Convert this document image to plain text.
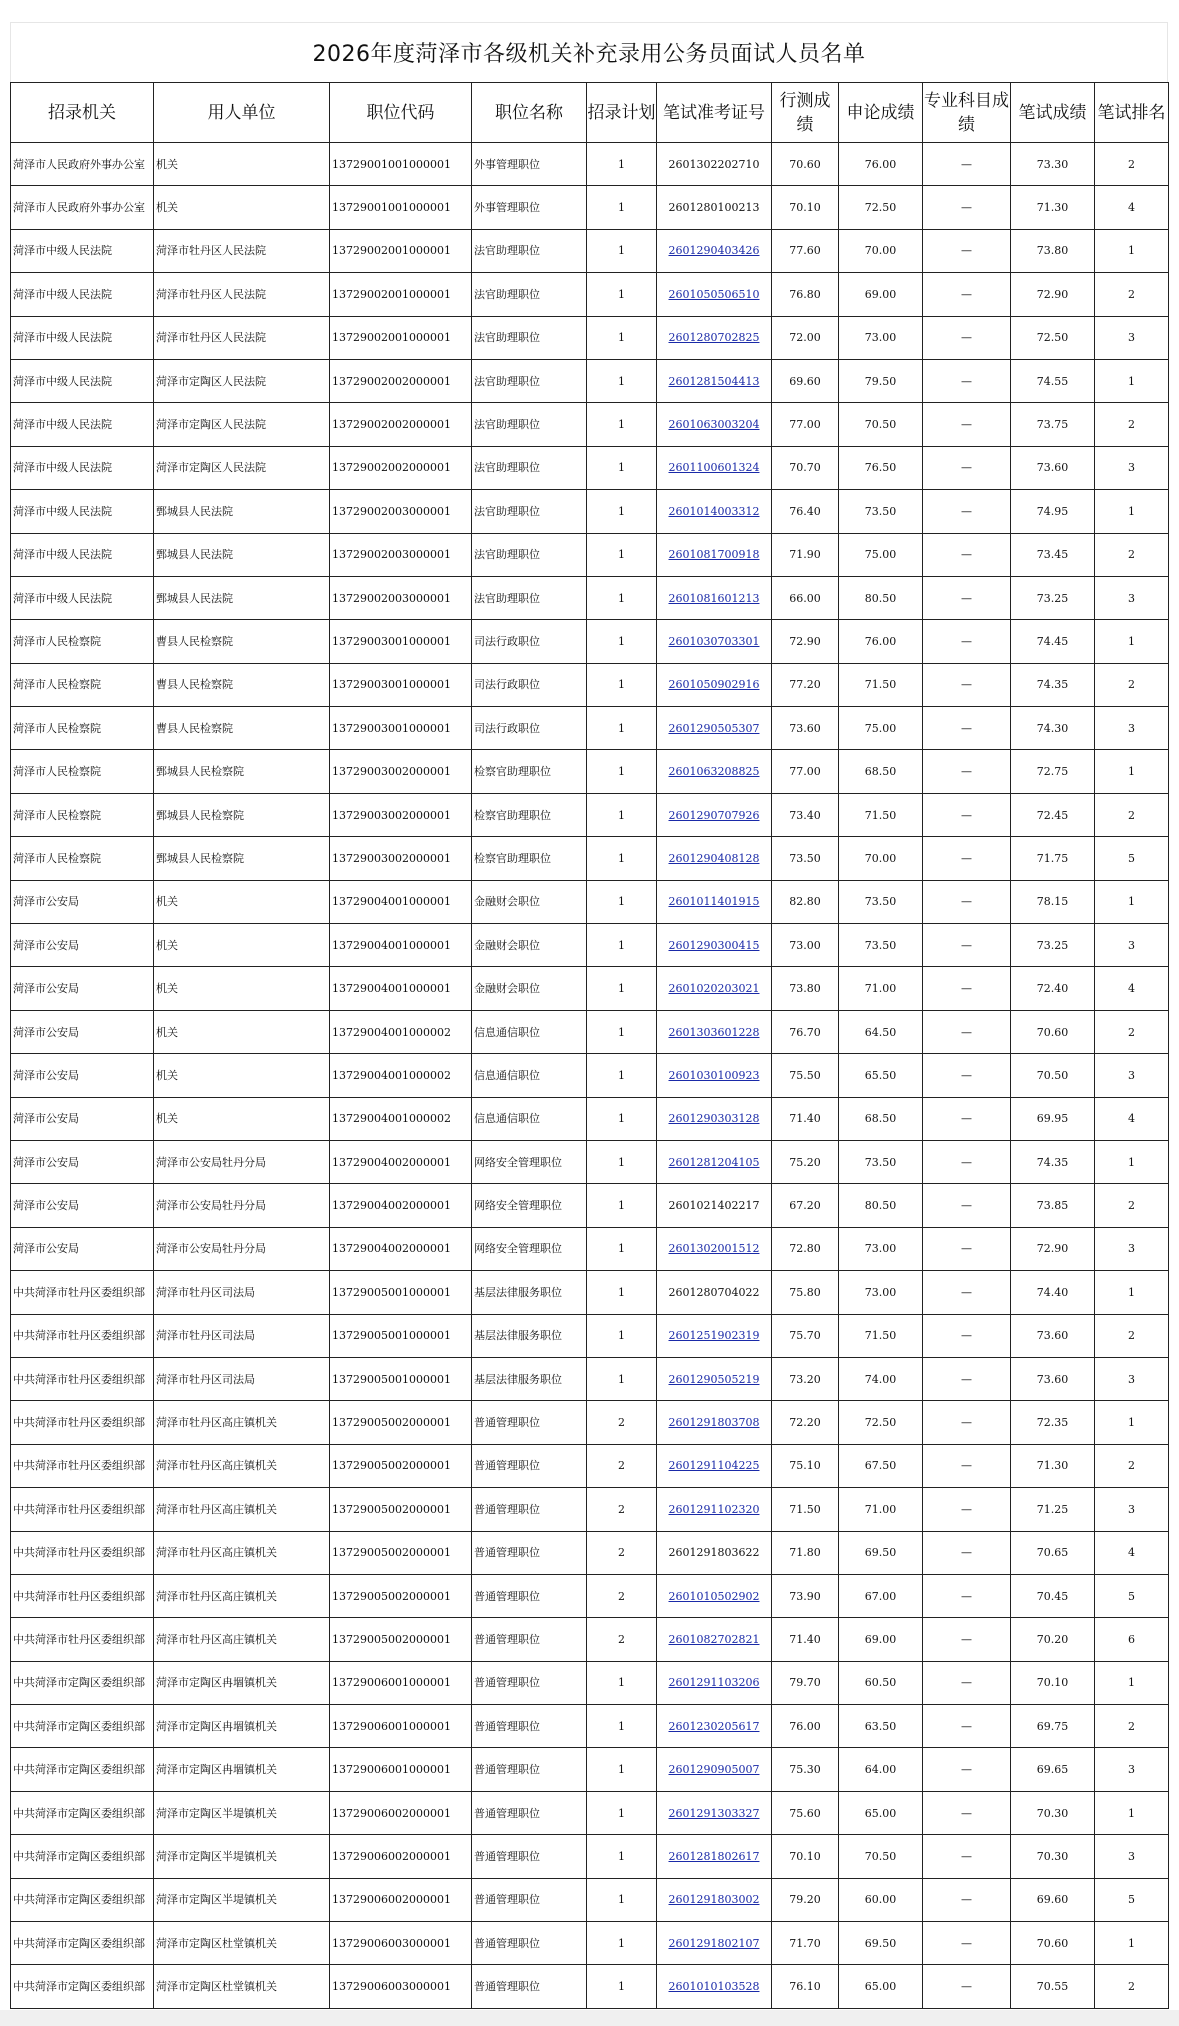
2026年度菏泽市各级机关补充录用公务员面试人员名单
招录机关	用人单位	职位代码	职位名称	招录计划	笔试准考证号	行测成绩	申论成绩	专业科目成绩	笔试成绩	笔试排名
菏泽市人民政府外事办公室	机关	13729001001000001	外事管理职位	1	2601302202710	70.60	76.00	—	73.30	2
菏泽市人民政府外事办公室	机关	13729001001000001	外事管理职位	1	2601280100213	70.10	72.50	—	71.30	4
菏泽市中级人民法院	菏泽市牡丹区人民法院	13729002001000001	法官助理职位	1	2601290403426	77.60	70.00	—	73.80	1
菏泽市中级人民法院	菏泽市牡丹区人民法院	13729002001000001	法官助理职位	1	2601050506510	76.80	69.00	—	72.90	2
菏泽市中级人民法院	菏泽市牡丹区人民法院	13729002001000001	法官助理职位	1	2601280702825	72.00	73.00	—	72.50	3
菏泽市中级人民法院	菏泽市定陶区人民法院	13729002002000001	法官助理职位	1	2601281504413	69.60	79.50	—	74.55	1
菏泽市中级人民法院	菏泽市定陶区人民法院	13729002002000001	法官助理职位	1	2601063003204	77.00	70.50	—	73.75	2
菏泽市中级人民法院	菏泽市定陶区人民法院	13729002002000001	法官助理职位	1	2601100601324	70.70	76.50	—	73.60	3
菏泽市中级人民法院	鄄城县人民法院	13729002003000001	法官助理职位	1	2601014003312	76.40	73.50	—	74.95	1
菏泽市中级人民法院	鄄城县人民法院	13729002003000001	法官助理职位	1	2601081700918	71.90	75.00	—	73.45	2
菏泽市中级人民法院	鄄城县人民法院	13729002003000001	法官助理职位	1	2601081601213	66.00	80.50	—	73.25	3
菏泽市人民检察院	曹县人民检察院	13729003001000001	司法行政职位	1	2601030703301	72.90	76.00	—	74.45	1
菏泽市人民检察院	曹县人民检察院	13729003001000001	司法行政职位	1	2601050902916	77.20	71.50	—	74.35	2
菏泽市人民检察院	曹县人民检察院	13729003001000001	司法行政职位	1	2601290505307	73.60	75.00	—	74.30	3
菏泽市人民检察院	鄄城县人民检察院	13729003002000001	检察官助理职位	1	2601063208825	77.00	68.50	—	72.75	1
菏泽市人民检察院	鄄城县人民检察院	13729003002000001	检察官助理职位	1	2601290707926	73.40	71.50	—	72.45	2
菏泽市人民检察院	鄄城县人民检察院	13729003002000001	检察官助理职位	1	2601290408128	73.50	70.00	—	71.75	5
菏泽市公安局	机关	13729004001000001	金融财会职位	1	2601011401915	82.80	73.50	—	78.15	1
菏泽市公安局	机关	13729004001000001	金融财会职位	1	2601290300415	73.00	73.50	—	73.25	3
菏泽市公安局	机关	13729004001000001	金融财会职位	1	2601020203021	73.80	71.00	—	72.40	4
菏泽市公安局	机关	13729004001000002	信息通信职位	1	2601303601228	76.70	64.50	—	70.60	2
菏泽市公安局	机关	13729004001000002	信息通信职位	1	2601030100923	75.50	65.50	—	70.50	3
菏泽市公安局	机关	13729004001000002	信息通信职位	1	2601290303128	71.40	68.50	—	69.95	4
菏泽市公安局	菏泽市公安局牡丹分局	13729004002000001	网络安全管理职位	1	2601281204105	75.20	73.50	—	74.35	1
菏泽市公安局	菏泽市公安局牡丹分局	13729004002000001	网络安全管理职位	1	2601021402217	67.20	80.50	—	73.85	2
菏泽市公安局	菏泽市公安局牡丹分局	13729004002000001	网络安全管理职位	1	2601302001512	72.80	73.00	—	72.90	3
中共菏泽市牡丹区委组织部	菏泽市牡丹区司法局	13729005001000001	基层法律服务职位	1	2601280704022	75.80	73.00	—	74.40	1
中共菏泽市牡丹区委组织部	菏泽市牡丹区司法局	13729005001000001	基层法律服务职位	1	2601251902319	75.70	71.50	—	73.60	2
中共菏泽市牡丹区委组织部	菏泽市牡丹区司法局	13729005001000001	基层法律服务职位	1	2601290505219	73.20	74.00	—	73.60	3
中共菏泽市牡丹区委组织部	菏泽市牡丹区高庄镇机关	13729005002000001	普通管理职位	2	2601291803708	72.20	72.50	—	72.35	1
中共菏泽市牡丹区委组织部	菏泽市牡丹区高庄镇机关	13729005002000001	普通管理职位	2	2601291104225	75.10	67.50	—	71.30	2
中共菏泽市牡丹区委组织部	菏泽市牡丹区高庄镇机关	13729005002000001	普通管理职位	2	2601291102320	71.50	71.00	—	71.25	3
中共菏泽市牡丹区委组织部	菏泽市牡丹区高庄镇机关	13729005002000001	普通管理职位	2	2601291803622	71.80	69.50	—	70.65	4
中共菏泽市牡丹区委组织部	菏泽市牡丹区高庄镇机关	13729005002000001	普通管理职位	2	2601010502902	73.90	67.00	—	70.45	5
中共菏泽市牡丹区委组织部	菏泽市牡丹区高庄镇机关	13729005002000001	普通管理职位	2	2601082702821	71.40	69.00	—	70.20	6
中共菏泽市定陶区委组织部	菏泽市定陶区冉堌镇机关	13729006001000001	普通管理职位	1	2601291103206	79.70	60.50	—	70.10	1
中共菏泽市定陶区委组织部	菏泽市定陶区冉堌镇机关	13729006001000001	普通管理职位	1	2601230205617	76.00	63.50	—	69.75	2
中共菏泽市定陶区委组织部	菏泽市定陶区冉堌镇机关	13729006001000001	普通管理职位	1	2601290905007	75.30	64.00	—	69.65	3
中共菏泽市定陶区委组织部	菏泽市定陶区半堤镇机关	13729006002000001	普通管理职位	1	2601291303327	75.60	65.00	—	70.30	1
中共菏泽市定陶区委组织部	菏泽市定陶区半堤镇机关	13729006002000001	普通管理职位	1	2601281802617	70.10	70.50	—	70.30	3
中共菏泽市定陶区委组织部	菏泽市定陶区半堤镇机关	13729006002000001	普通管理职位	1	2601291803002	79.20	60.00	—	69.60	5
中共菏泽市定陶区委组织部	菏泽市定陶区杜堂镇机关	13729006003000001	普通管理职位	1	2601291802107	71.70	69.50	—	70.60	1
中共菏泽市定陶区委组织部	菏泽市定陶区杜堂镇机关	13729006003000001	普通管理职位	1	2601010103528	76.10	65.00	—	70.55	2
